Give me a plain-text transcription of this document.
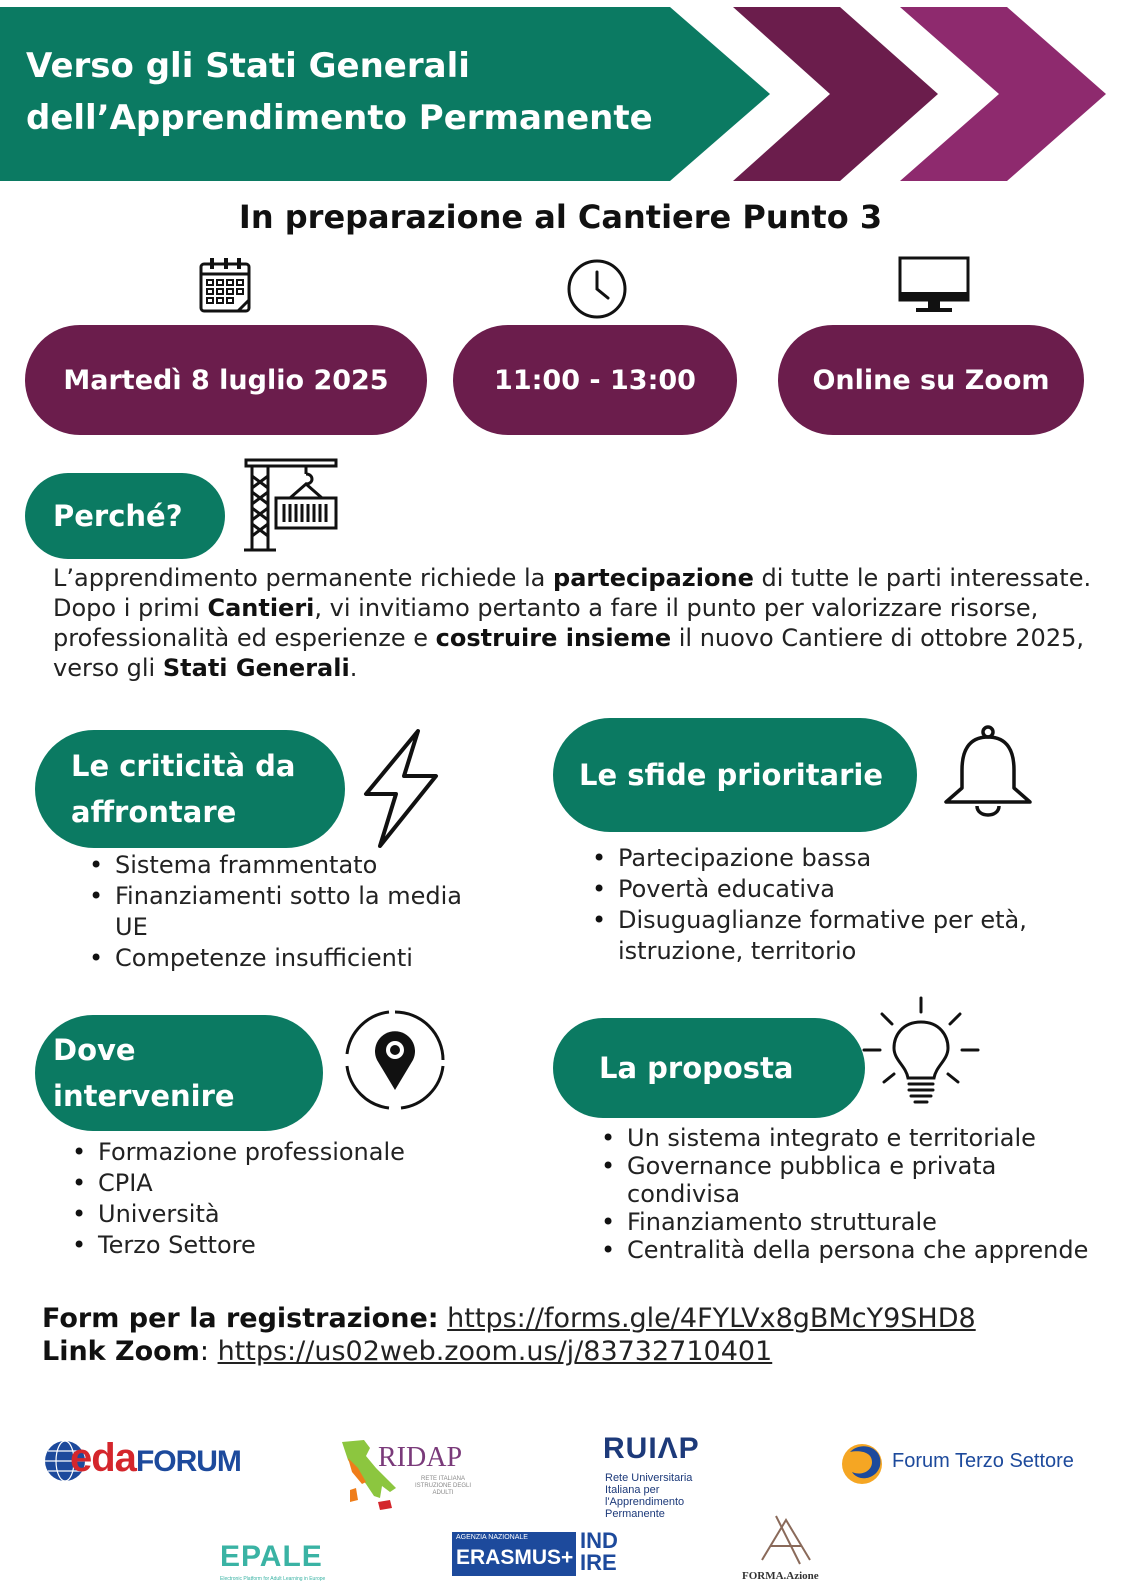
Verso gli Stati Generali
dell’Apprendimento Permanente
In preparazione al Cantiere Punto 3
Martedì 8 luglio 2025	11:00 - 13:00	Online su Zoom
Perché?
L’apprendimento permanente richiede la partecipazione di tutte le parti interessate. Dopo i primi Cantieri, vi invitiamo pertanto a fare il punto per valorizzare risorse, professionalità ed esperienze e costruire insieme il nuovo Cantiere di ottobre 2025, verso gli Stati Generali.
Le criticità da
affrontare
• Sistema frammentato
• Finanziamenti sotto la media UE
• Competenze insufficienti
Le sfide prioritarie
• Partecipazione bassa
• Povertà educativa
• Disuguaglianze formative per età, istruzione, territorio
Dove
intervenire
• Formazione professionale
• CPIA
• Università
• Terzo Settore
La proposta
• Un sistema integrato e territoriale
• Governance pubblica e privata condivisa
• Finanziamento strutturale
• Centralità della persona che apprende
Form per la registrazione: https://forms.gle/4FYLVx8gBMcY9SHD8
Link Zoom: https://us02web.zoom.us/j/83732710401
edaFORUM	RIDAP
RETE ITALIANA ISTRUZIONE DEGLI ADULTI
RUIΛP
Rete Universitaria
Italiana per
l'Apprendimento
Permanente
Forum Terzo Settore
EPALE
Electronic Platform for Adult Learning in Europe
AGENZIA NAZIONALE
ERASMUS+
IND
IRE
FORMA.Azione
